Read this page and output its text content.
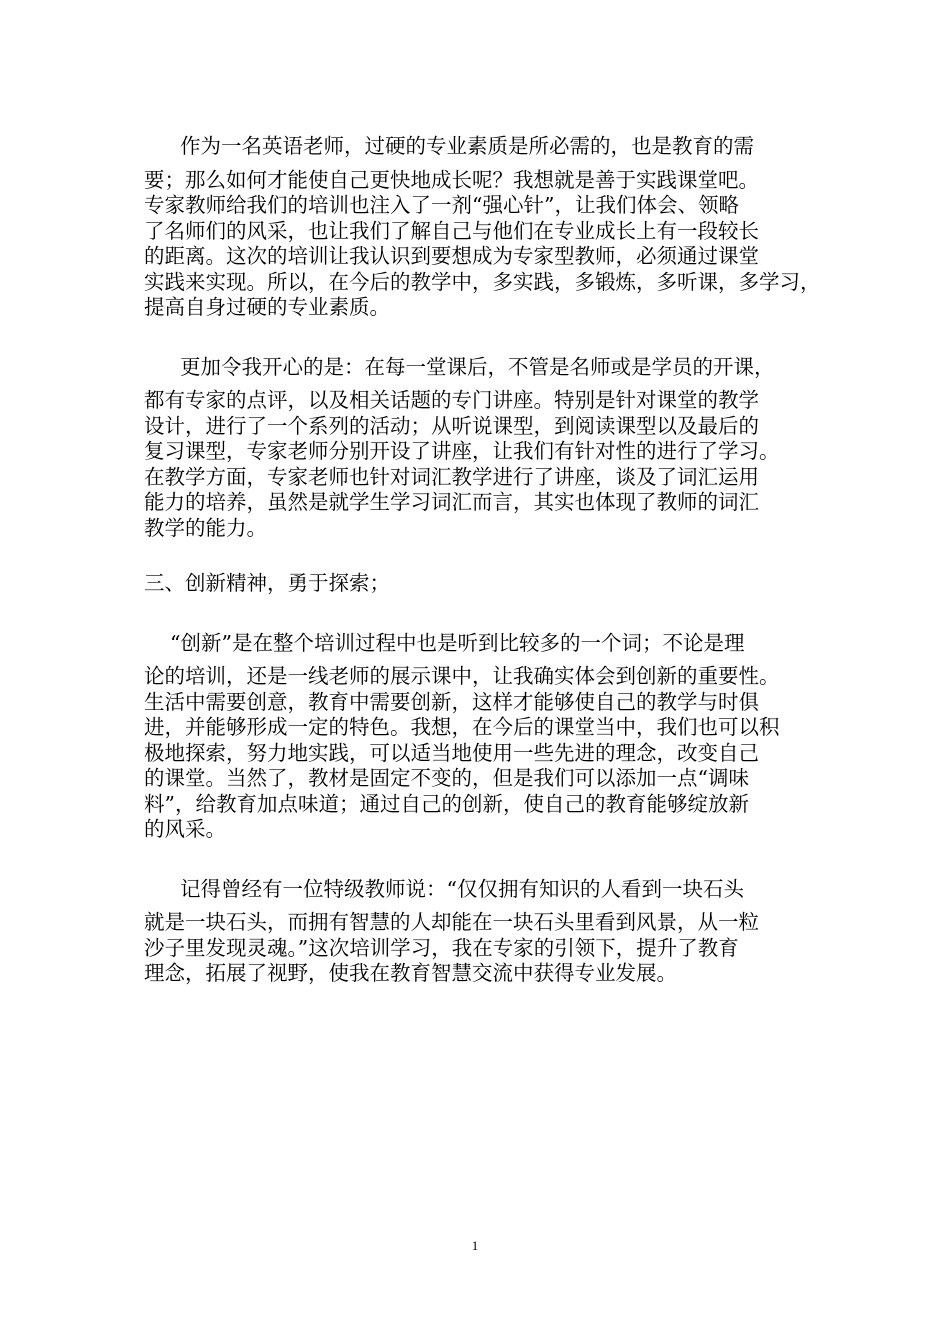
作为一名英语老师，过硬的专业素质是所必需的，也是教育的需
要；那么如何才能使自己更快地成长呢？我想就是善于实践课堂吧。
专家教师给我们的培训也注入了一剂“强心针”，让我们体会、领略
了名师们的风采，也让我们了解自己与他们在专业成长上有一段较长
的距离。这次的培训让我认识到要想成为专家型教师，必须通过课堂
实践来实现。所以，在今后的教学中，多实践，多锻炼，多听课，多学习，
提高自身过硬的专业素质。

更加令我开心的是：在每一堂课后，不管是名师或是学员的开课，
都有专家的点评，以及相关话题的专门讲座。特别是针对课堂的教学
设计，进行了一个系列的活动；从听说课型，到阅读课型以及最后的
复习课型，专家老师分别开设了讲座，让我们有针对性的进行了学习。
在教学方面，专家老师也针对词汇教学进行了讲座，谈及了词汇运用
能力的培养，虽然是就学生学习词汇而言，其实也体现了教师的词汇
教学的能力。

三、创新精神，勇于探索；

“创新”是在整个培训过程中也是听到比较多的一个词；不论是理
论的培训，还是一线老师的展示课中，让我确实体会到创新的重要性。
生活中需要创意，教育中需要创新，这样才能够使自己的教学与时俱
进，并能够形成一定的特色。我想，在今后的课堂当中，我们也可以积
极地探索，努力地实践，可以适当地使用一些先进的理念，改变自己
的课堂。当然了，教材是固定不变的，但是我们可以添加一点“调味
料”，给教育加点味道；通过自己的创新，使自己的教育能够绽放新
的风采。

记得曾经有一位特级教师说：“仅仅拥有知识的人看到一块石头
就是一块石头，而拥有智慧的人却能在一块石头里看到风景，从一粒
沙子里发现灵魂。”这次培训学习，我在专家的引领下，提升了教育
理念，拓展了视野，使我在教育智慧交流中获得专业发展。

1
